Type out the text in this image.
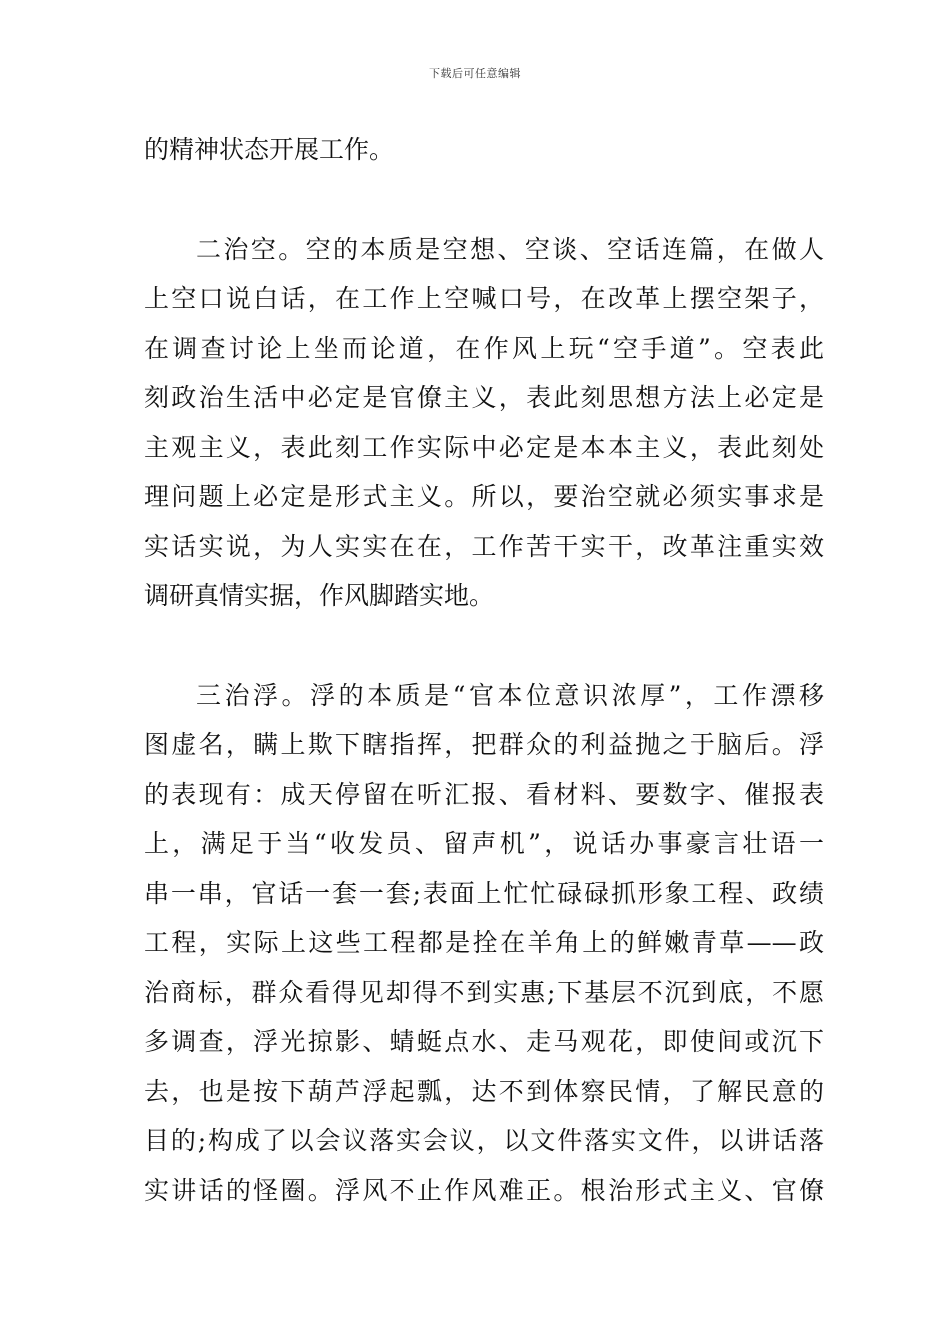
下载后可任意编辑
的精神状态开展工作。
二治空。空的本质是空想、空谈、空话连篇，在做人
上空口说白话，在工作上空喊口号，在改革上摆空架子，
在调查讨论上坐而论道，在作风上玩“空手道”。空表此
刻政治生活中必定是官僚主义，表此刻思想方法上必定是
主观主义，表此刻工作实际中必定是本本主义，表此刻处
理问题上必定是形式主义。所以，要治空就必须实事求是
实话实说，为人实实在在，工作苦干实干，改革注重实效
调研真情实据，作风脚踏实地。
三治浮。浮的本质是“官本位意识浓厚”，工作漂移
图虚名，瞒上欺下瞎指挥，把群众的利益抛之于脑后。浮
的表现有：成天停留在听汇报、看材料、要数字、催报表
上，满足于当“收发员、留声机”，说话办事豪言壮语一
串一串，官话一套一套;表面上忙忙碌碌抓形象工程、政绩
工程，实际上这些工程都是拴在羊角上的鲜嫩青草——政
治商标，群众看得见却得不到实惠;下基层不沉到底，不愿
多调查，浮光掠影、蜻蜓点水、走马观花，即使间或沉下
去，也是按下葫芦浮起瓢，达不到体察民情，了解民意的
目的;构成了以会议落实会议，以文件落实文件，以讲话落
实讲话的怪圈。浮风不止作风难正。根治形式主义、官僚
